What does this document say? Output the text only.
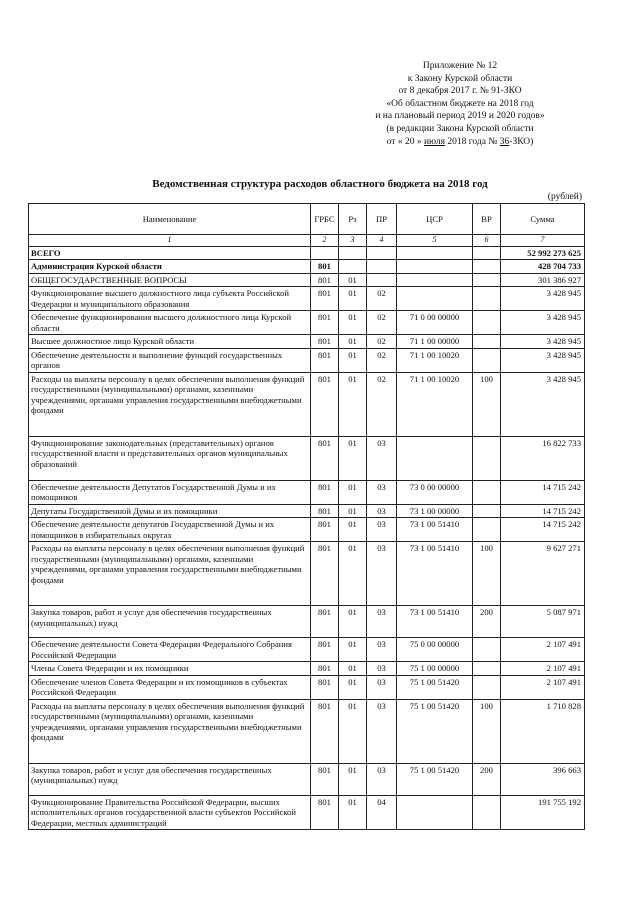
Приложение № 12
к Закону Курской области
от 8 декабря 2017 г. № 91-ЗКО
«Об областном бюджете на 2018 год
и на плановый период 2019 и 2020 годов»
(в редакции Закона Курской области
от « 20 » июля 2018 года № 36-ЗКО)
Ведомственная структура расходов областного бюджета на 2018 год
(рублей)
Наименование	ГРБС	Рз	ПР	ЦСР	ВР	Сумма
1	2	3	4	5	6	7
ВСЕГО						52 992 273 625
Администрация Курской области	801					428 704 733
ОБЩЕГОСУДАРСТВЕННЫЕ ВОПРОСЫ	801	01				301 386 927
Функционирование высшего должностного лица субъекта Российской Федерации и муниципального образования	801	01	02			3 428 945
Обеспечение функционирования высшего должностного лица Курской области	801	01	02	71 0 00 00000		3 428 945
Высшее должностное лицо Курской области	801	01	02	71 1 00 00000		3 428 945
Обеспечение деятельности и выполнение функций государственных органов	801	01	02	71 1 00 10020		3 428 945
Расходы на выплаты персоналу в целях обеспечения выполнения функций государственными (муниципальными) органами, казенными учреждениями, органами управления государственными внебюджетными фондами	801	01	02	71 1 00 10020	100	3 428 945
Функционирование законодательных (представительных) органов государственной власти и представительных органов муниципальных образований	801	01	03			16 822 733
Обеспечение деятельности Депутатов Государственной Думы и их помощников	801	01	03	73 0 00 00000		14 715 242
Депутаты Государственной Думы и их помощники	801	01	03	73 1 00 00000		14 715 242
Обеспечение деятельности депутатов Государственной Думы и их помощников в избирательных округах	801	01	03	73 1 00 51410		14 715 242
Расходы на выплаты персоналу в целях обеспечения выполнения функций государственными (муниципальными) органами, казенными учреждениями, органами управления государственными внебюджетными фондами	801	01	03	73 1 00 51410	100	9 627 271
Закупка товаров, работ и услуг для обеспечения государственных (муниципальных) нужд	801	01	03	73 1 00 51410	200	5 087 971
Обеспечение деятельности Совета Федерации Федерального Собрания Российской Федерации	801	01	03	75 0 00 00000		2 107 491
Члены Совета Федерации и их помощники	801	01	03	75 1 00 00000		2 107 491
Обеспечение членов Совета Федерации и их помощников в субъектах Российской Федерации	801	01	03	75 1 00 51420		2 107 491
Расходы на выплаты персоналу в целях обеспечения выполнения функций государственными (муниципальными) органами, казенными учреждениями, органами управления государственными внебюджетными фондами	801	01	03	75 1 00 51420	100	1 710 828
Закупка товаров, работ и услуг для обеспечения государственных (муниципальных) нужд	801	01	03	75 1 00 51420	200	396 663
Функционирование Правительства Российской Федерации, высших исполнительных органов государственной власти субъектов Российской Федерации, местных администраций	801	01	04			191 755 192
